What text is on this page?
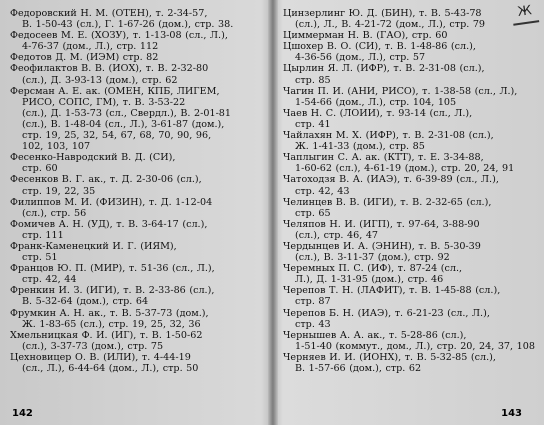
Федоровский Н. М. (ОТЕН), т. 2-34-57,
В. 1-50-43 (сл.), Г. 1-67-26 (дом.), стр. 38.

Федосеев М. Е. (ХОЗУ), т. 1-13-08 (сл., Л.),
4-76-37 (дом., Л.), стр. 112

Федотов Д. М. (ИЭМ) стр. 82

Феофилактов В. В. (ИОХ), т. В. 2-32-80
(сл.), Д. 3-93-13 (дом.), стр. 62

Ферсман А. Е. ак. (ОМЕН, КПБ, ЛИГЕМ,
РИСО, СОПС, ГМ), т. В. 3-53-22
(сл.), Д. 1-53-73 (сл., Свердл.), В. 2-01-81
(сл.), В. 1-48-04 (сл., Л.), 3-61-87 (дом.),
стр. 19, 25, 32, 54, 67, 68, 70, 90, 96,
102, 103, 107

Фесенко-Навродский В. Д. (СИ),
стр. 60

Фесенков В. Г. ак., т. Д. 2-30-06 (сл.),
стр. 19, 22, 35

Филиппов М. И. (ФИЗИН), т. Д. 1-12-04
(сл.), стр. 56

Фомичев А. Н. (УД), т. В. 3-64-17 (сл.),
стр. 111

Франк-Каменецкий И. Г. (ИЯМ),
стр. 51

Францов Ю. П. (МИР), т. 51-36 (сл., Л.),
стр. 42, 44

Френкин И. З. (ИГИ), т. В. 2-33-86 (сл.),
В. 5-32-64 (дом.), стр. 64

Фрумкин А. Н. ак., т. В. 5-37-73 (дом.),
Ж. 1-83-65 (сл.), стр. 19, 25, 32, 36

Хмельницкая Ф. И. (ИГ), т. В. 1-50-62
(сл.), 3-37-73 (дом.), стр. 75

Цехновицер О. В. (ИЛИ), т. 4-44-19
(сл., Л.), 6-44-64 (дом., Л.), стр. 50

Цинзерлинг Ю. Д. (БИН), т. В. 5-43-78
(сл.), Л., В. 4-21-72 (дом., Л.), стр. 79

Циммерман Н. В. (ГАО), стр. 60

Цшохер В. О. (СИ), т. В. 1-48-86 (сл.),
4-36-56 (дом., Л.), стр. 57

Цырлин Я. Л. (ИФР), т. В. 2-31-08 (сл.),
стр. 85

Чагин П. И. (АНИ, РИСО), т. 1-38-58 (сл., Л.),
1-54-66 (дом., Л.), стр. 104, 105

Чаев Н. С. (ЛОИИ), т. 93-14 (сл., Л.),
стр. 41

Чайлахян М. Х. (ИФР), т. В. 2-31-08 (сл.),
Ж. 1-41-33 (дом.), стр. 85

Чаплыгин С. А. ак. (КТТ), т. Е. 3-34-88,
1-60-62 (сл.), 4-61-19 (дом.), стр. 20, 24, 91

Чатоходзя В. А. (ИАЭ), т. 6-39-89 (сл., Л.),
стр. 42, 43

Челинцев В. В. (ИГИ), т. В. 2-32-65 (сл.),
стр. 65

Челяпов Н. И. (ИГП), т. 97-64, 3-88-90
(сл.), стр. 46, 47

Чердынцев И. А. (ЭНИН), т. В. 5-30-39
(сл.), В. 3-11-37 (дом.), стр. 92

Черемных П. С. (ИФ), т. 87-24 (сл.,
Л.), Д. 1-31-95 (дом.), стр. 46

Черепов Т. Н. (ЛАФИТ), т. В. 1-45-88 (сл.),
стр. 87

Черепов Б. Н. (ИАЭ), т. 6-21-23 (сл., Л.),
стр. 43

Чернышев А. А. ак., т. 5-28-86 (сл.),
1-51-40 (коммут., дом., Л.), стр. 20, 24, 37, 108

Черняев И. И. (ИОНХ), т. В. 5-32-85 (сл.),
В. 1-57-66 (дом.), стр. 62

142	143
Ж
